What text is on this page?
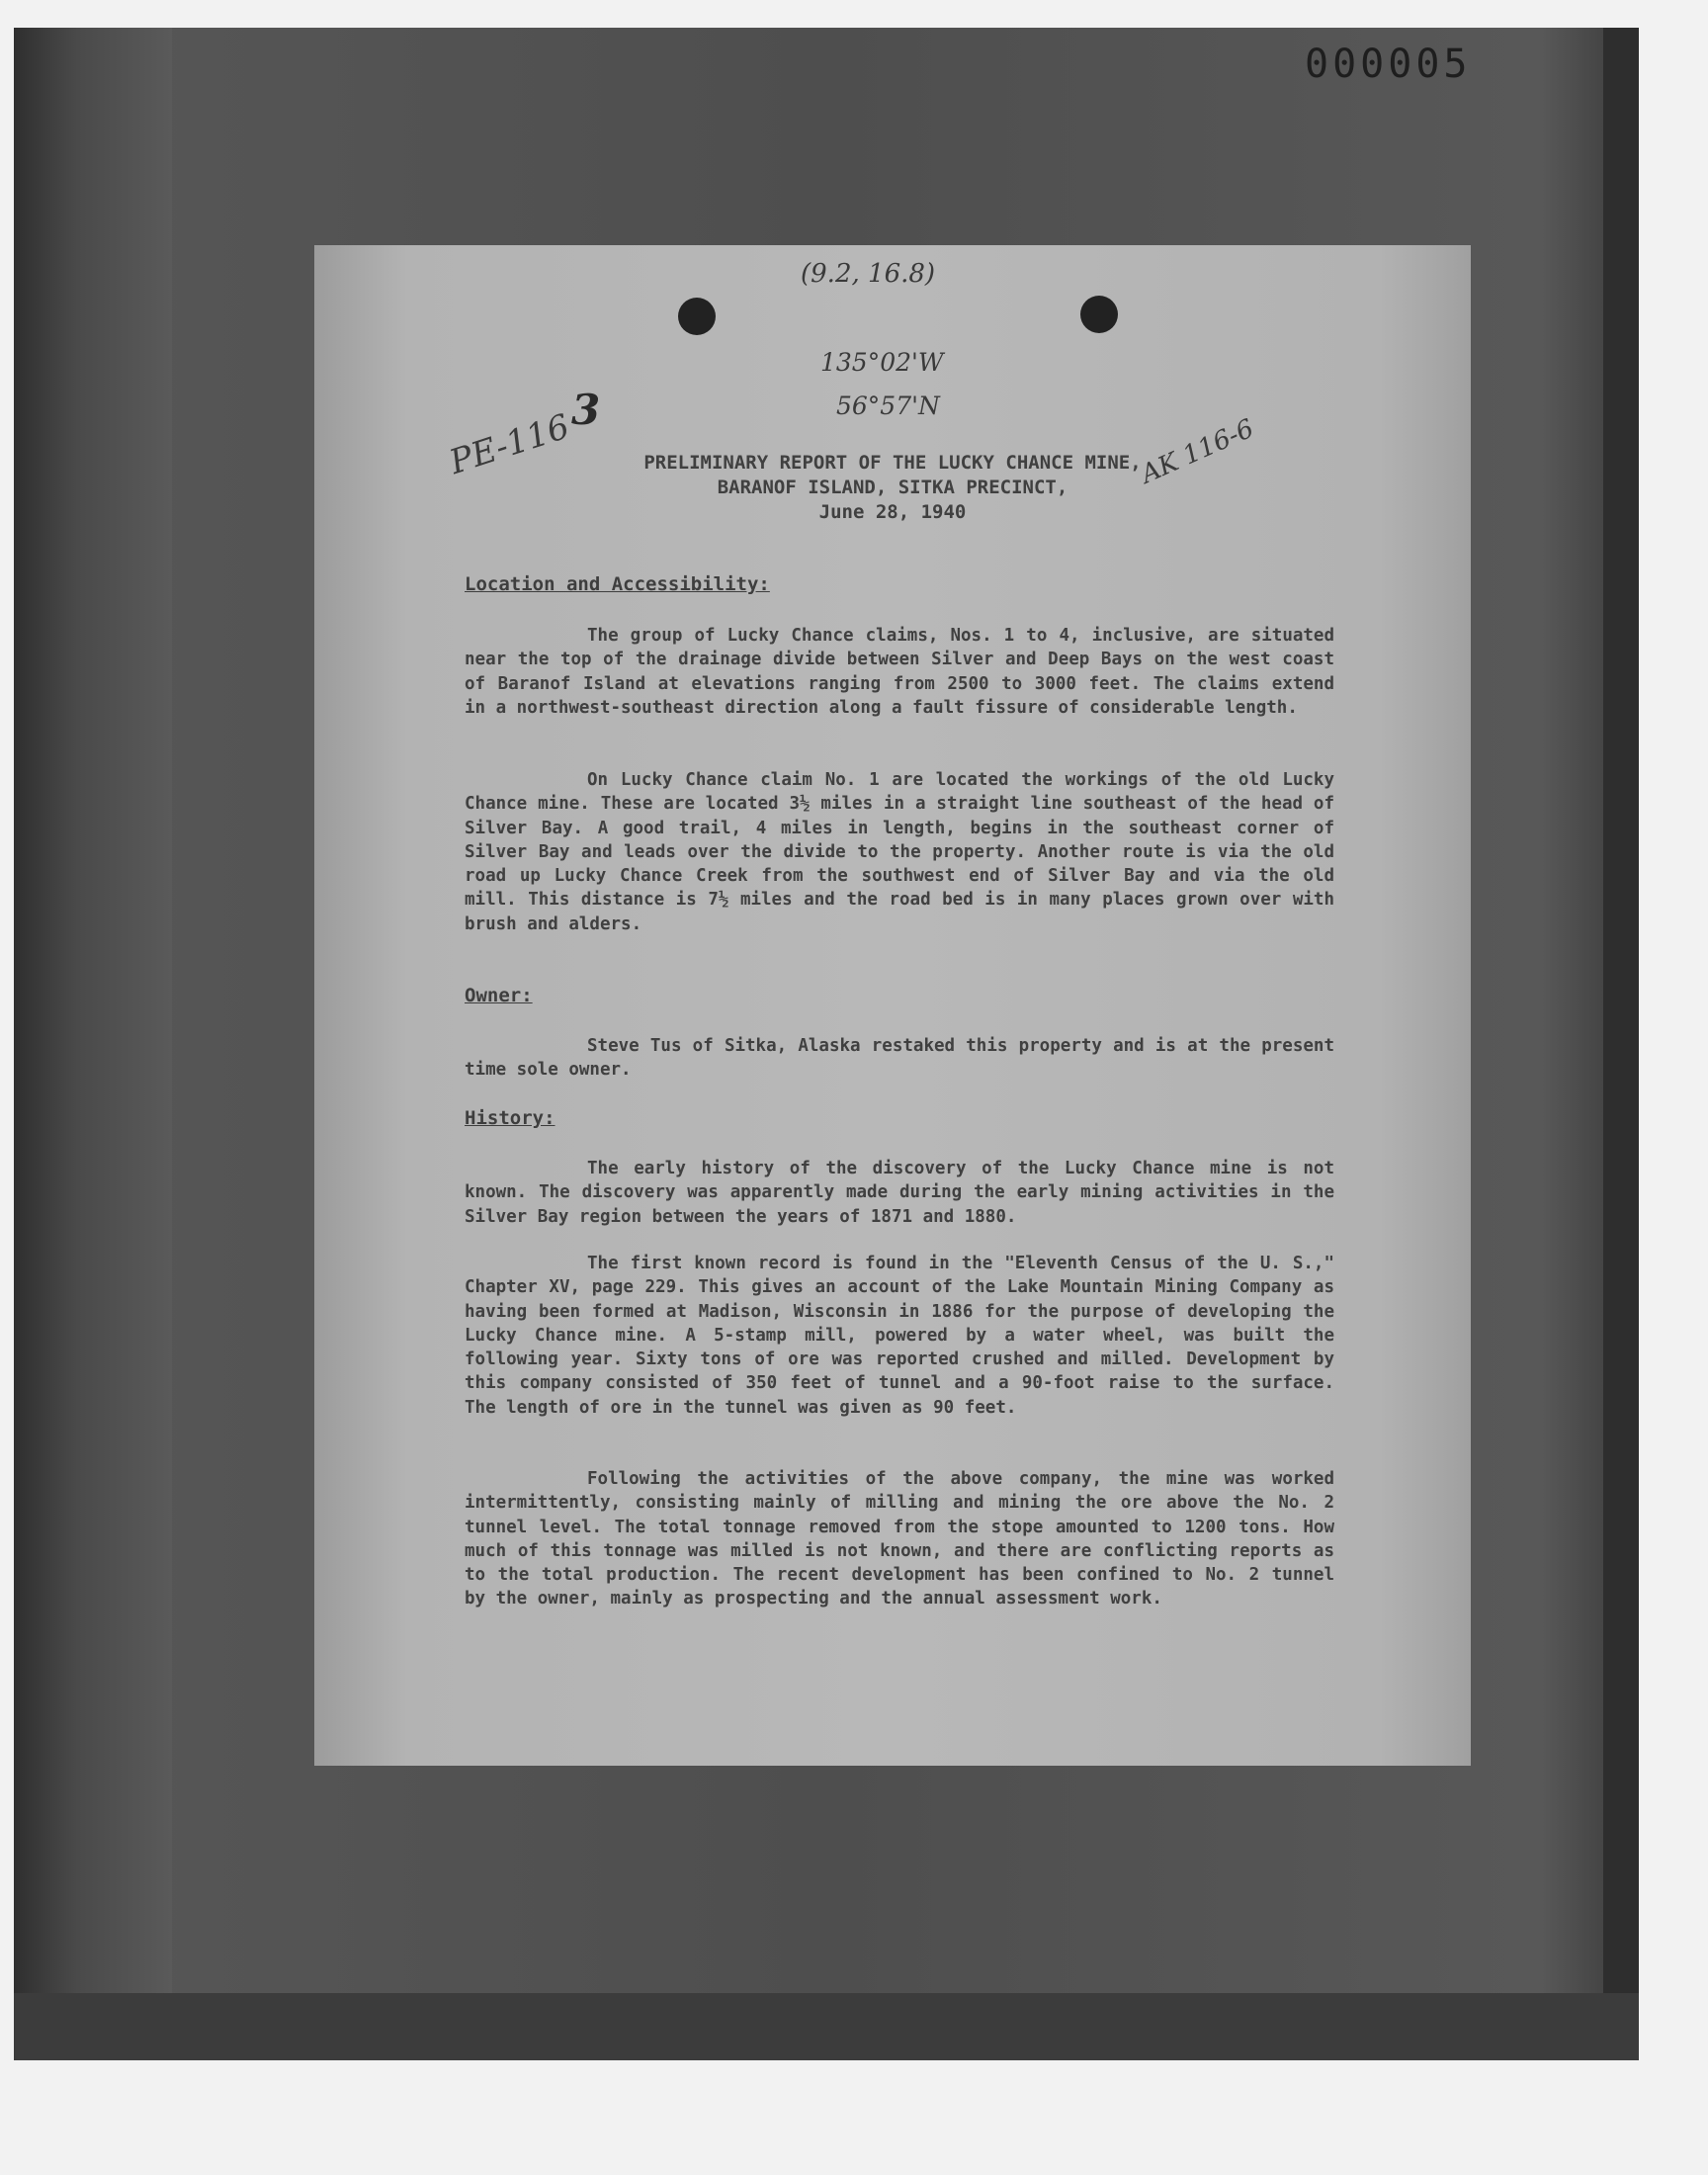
000005
(9.2, 16.8)
135°02'W
56°57'N
PE-116
3
AK 116-6
PRELIMINARY REPORT OF THE LUCKY CHANCE MINE,
BARANOF ISLAND, SITKA PRECINCT,
June 28, 1940
Location and Accessibility:

The group of Lucky Chance claims, Nos. 1 to 4, inclusive, are situated near the top of the drainage divide between Silver and Deep Bays on the west coast of Baranof Island at elevations ranging from 2500 to 3000 feet. The claims extend in a northwest-southeast direction along a fault fissure of considerable length.

On Lucky Chance claim No. 1 are located the workings of the old Lucky Chance mine. These are located 3½ miles in a straight line southeast of the head of Silver Bay. A good trail, 4 miles in length, begins in the southeast corner of Silver Bay and leads over the divide to the property. Another route is via the old road up Lucky Chance Creek from the southwest end of Silver Bay and via the old mill. This distance is 7½ miles and the road bed is in many places grown over with brush and alders.

Owner:

Steve Tus of Sitka, Alaska restaked this property and is at the present time sole owner.

History:

The early history of the discovery of the Lucky Chance mine is not known. The discovery was apparently made during the early mining activities in the Silver Bay region between the years of 1871 and 1880.

The first known record is found in the "Eleventh Census of the U. S.," Chapter XV, page 229. This gives an account of the Lake Mountain Mining Company as having been formed at Madison, Wisconsin in 1886 for the purpose of developing the Lucky Chance mine. A 5-stamp mill, powered by a water wheel, was built the following year. Sixty tons of ore was reported crushed and milled. Development by this company consisted of 350 feet of tunnel and a 90-foot raise to the surface. The length of ore in the tunnel was given as 90 feet.

Following the activities of the above company, the mine was worked intermittently, consisting mainly of milling and mining the ore above the No. 2 tunnel level. The total tonnage removed from the stope amounted to 1200 tons. How much of this tonnage was milled is not known, and there are conflicting reports as to the total production. The recent development has been confined to No. 2 tunnel by the owner, mainly as prospecting and the annual assessment work.
